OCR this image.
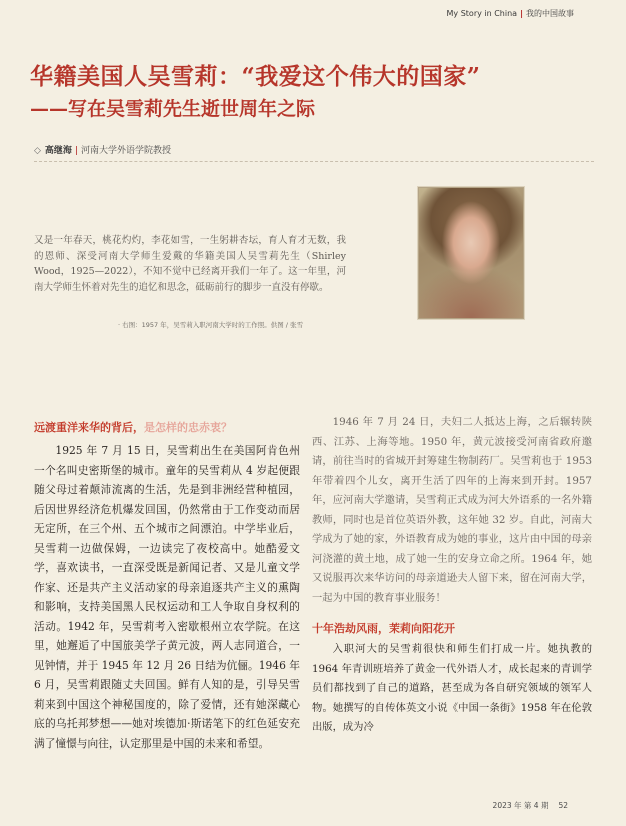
My Story in China | 我的中国故事
华籍美国人吴雪莉：“我爱这个伟大的国家”
——写在吴雪莉先生逝世周年之际
◇ 高继海 | 河南大学外语学院教授

又是一年春天，桃花灼灼，李花如雪，一生躬耕杏坛，育人育才无数，我的恩师、深受河南大学师生爱戴的华籍美国人吴雪莉先生（Shirley Wood，1925—2022），不知不觉中已经离开我们一年了。这一年里，河南大学师生怀着对先生的追忆和思念，砥砺前行的脚步一直没有停歇。

· 右图：1957 年，吴雪莉入职河南大学时的工作照。供图 / 张雪
远渡重洋来华的背后，是怎样的忠赤衷？

1925 年 7 月 15 日，吴雪莉出生在美国阿肯色州一个名叫史密斯堡的城市。童年的吴雪莉从 4 岁起便跟随父母过着颠沛流离的生活，先是到非洲经营种植园，后因世界经济危机爆发回国，仍然常由于工作变动而居无定所，在三个州、五个城市之间漂泊。中学毕业后，吴雪莉一边做保姆，一边读完了夜校高中。她酷爱文学，喜欢读书，一直深受既是新闻记者、又是儿童文学作家、还是共产主义活动家的母亲追逐共产主义的熏陶和影响，支持美国黑人民权运动和工人争取自身权利的活动。1942 年，吴雪莉考入密歇根州立农学院。在这里，她邂逅了中国旅美学子黄元波，两人志同道合，一见钟情，并于 1945 年 12 月 26 日结为伉俪。1946 年 6 月，吴雪莉跟随丈夫回国。鲜有人知的是，引导吴雪莉来到中国这个神秘国度的，除了爱情，还有她深藏心底的乌托邦梦想——她对埃德加·斯诺笔下的红色延安充满了憧憬与向往，认定那里是中国的未来和希望。

1946 年 7 月 24 日，夫妇二人抵达上海，之后辗转陕西、江苏、上海等地。1950 年，黄元波接受河南省政府邀请，前往当时的省城开封筹建生物制药厂。吴雪莉也于 1953 年带着四个儿女，离开生活了四年的上海来到开封。1957 年，应河南大学邀请，吴雪莉正式成为河大外语系的一名外籍教师，同时也是首位英语外教，这年她 32 岁。自此，河南大学成为了她的家，外语教育成为她的事业，这片由中国的母亲河浇灌的黄土地，成了她一生的安身立命之所。1964 年，她又说服再次来华访问的母亲道逊夫人留下来，留在河南大学，一起为中国的教育事业服务！

十年浩劫风雨，茉莉向阳花开

入职河大的吴雪莉很快和师生们打成一片。她执教的 1964 年青训班培养了黄金一代外语人才，成长起来的青训学员们都找到了自己的道路，甚至成为各自研究领域的领军人物。她撰写的自传体英文小说《中国一条街》1958 年在伦敦出版，成为冷

2023 年 第 4 期 52
